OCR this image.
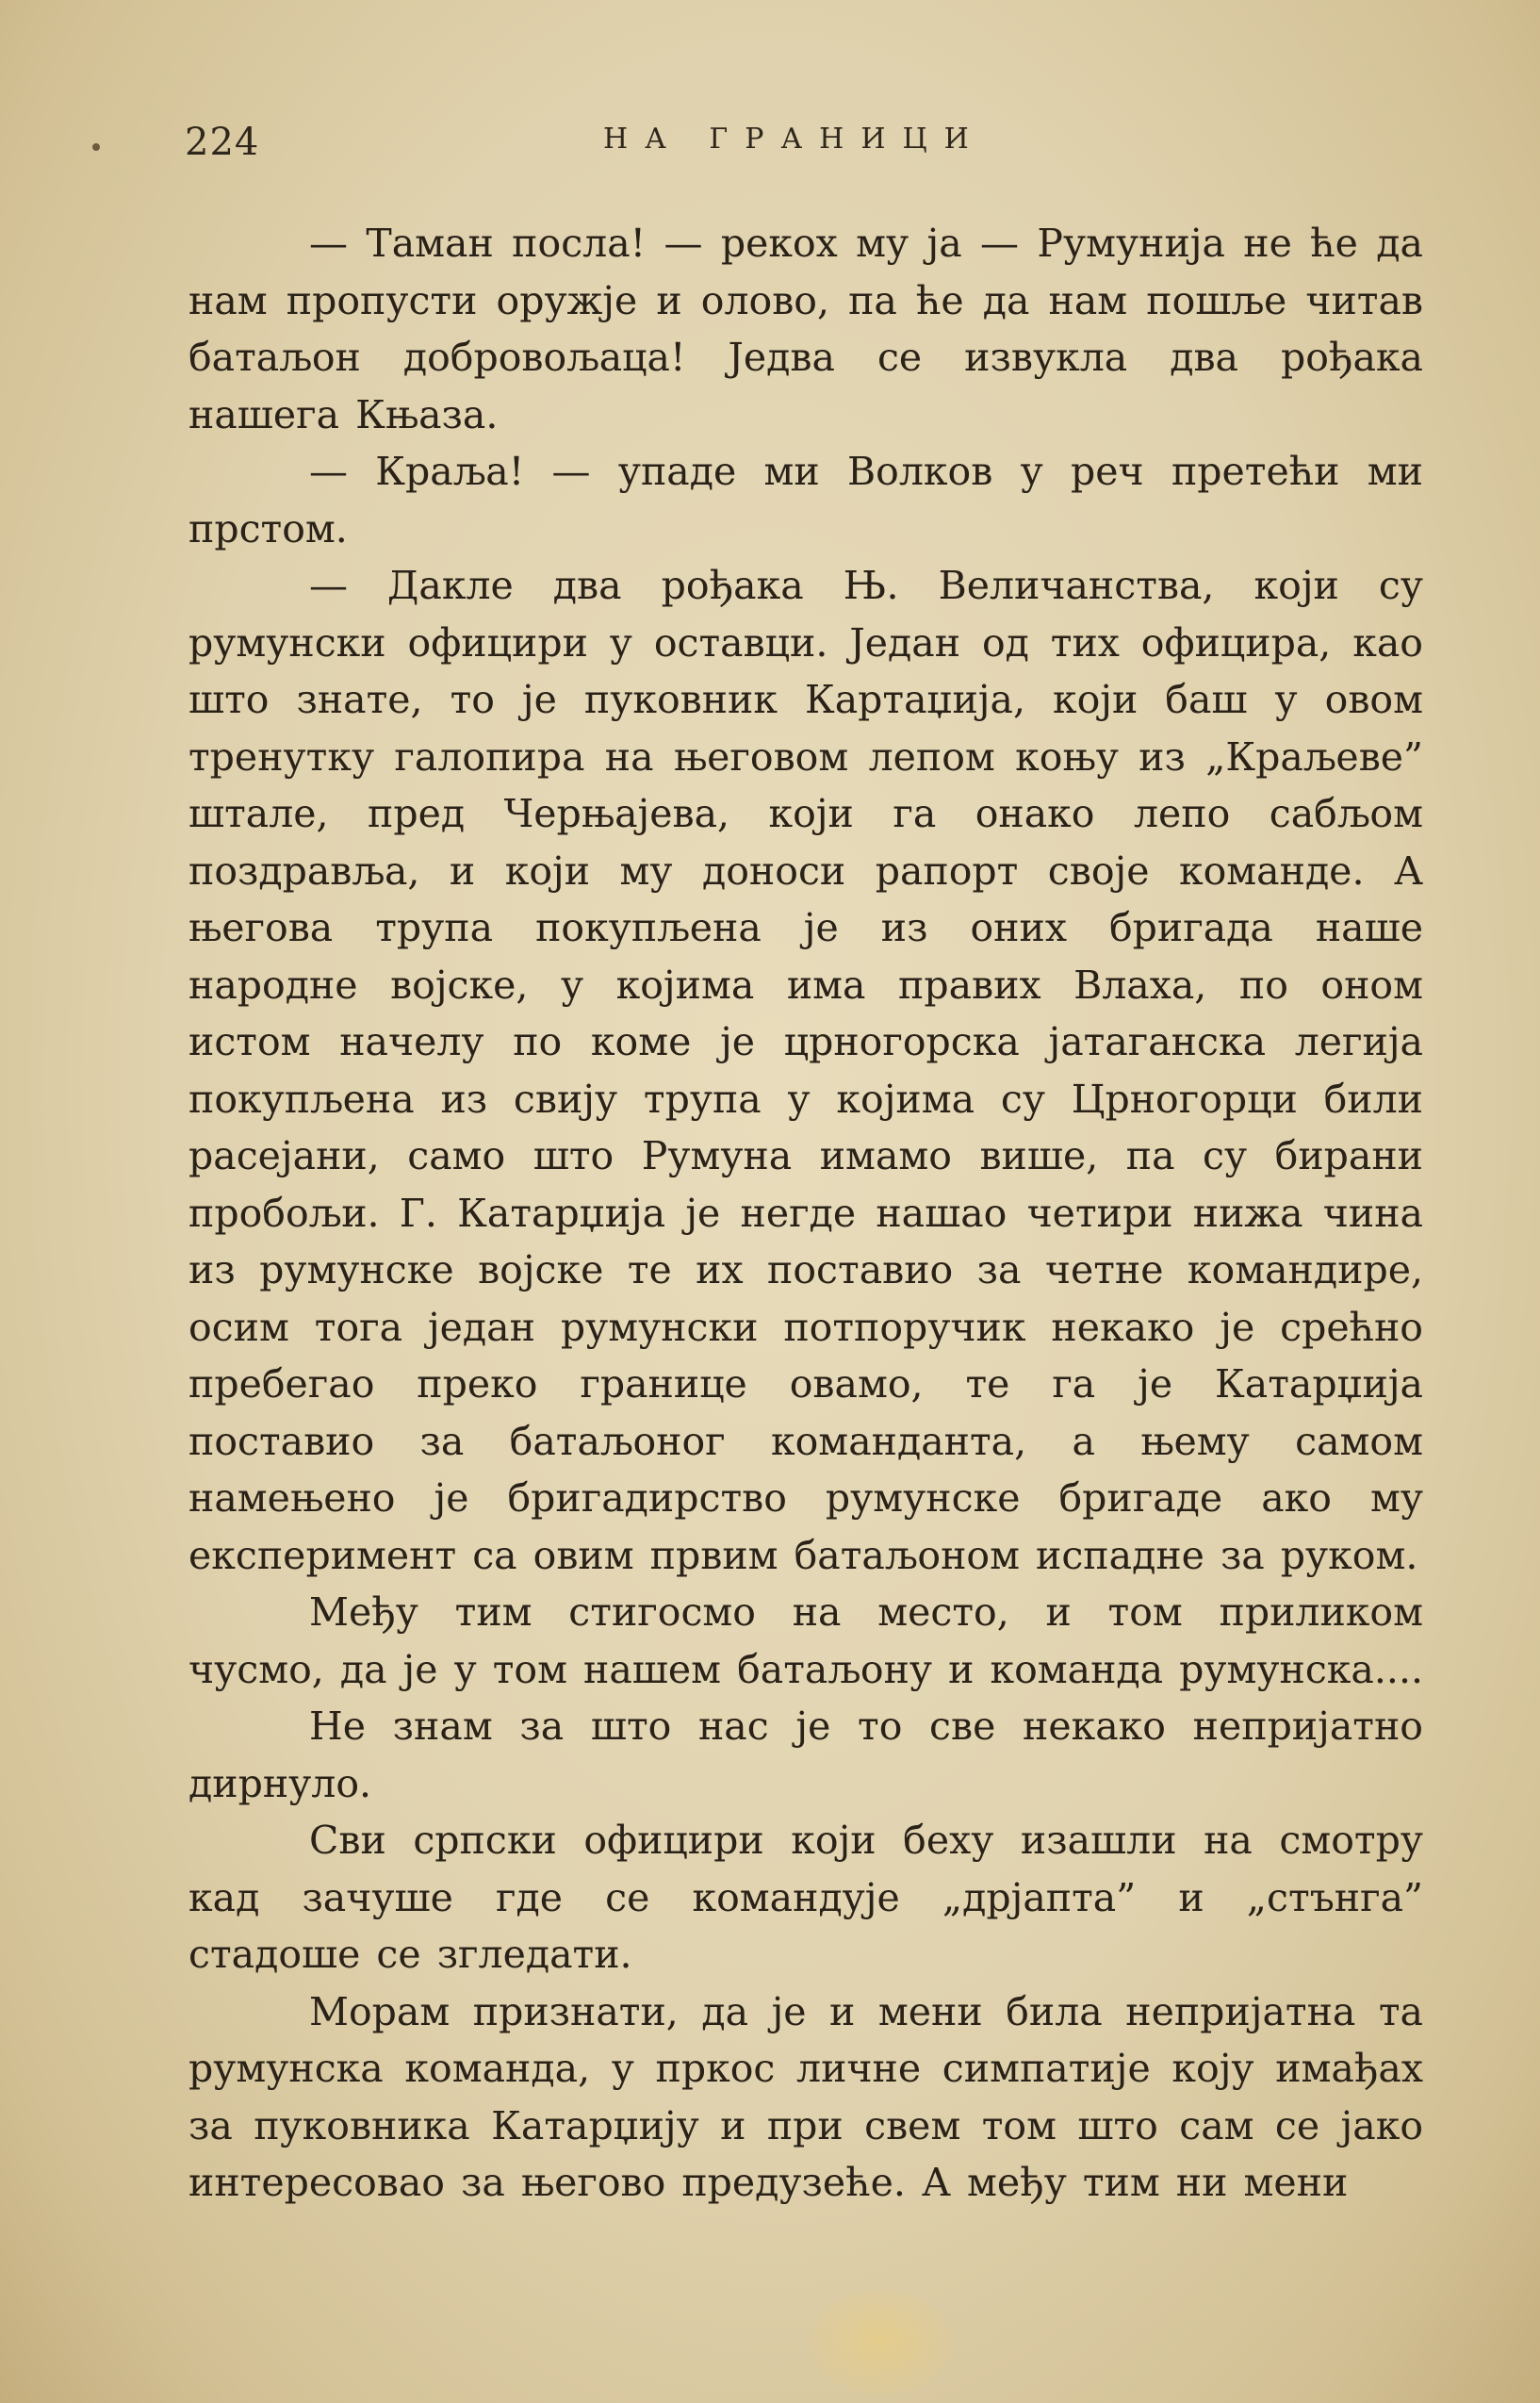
224	НА ГРАНИЦИ

— Таман посла! — рекох му ја — Румунија не ће да нам пропусти оружје и олово, па ће да нам пошље читав батаљон добровољаца! Једва се извукла два рођака нашега Књаза.

— Краља! — упаде ми Волков у реч претећи ми прстом.

— Дакле два рођака Њ. Величанства, који су румунски официри у оставци. Један од тих официра, као што знате, то је пуковник Картаџија, који баш у овом тренутку галопира на његовом лепом коњу из „Краљеве” штале, пред Черњајева, који га онако лепо сабљом поздравља, и који му доноси рапорт своје команде. А његова трупа покупљена је из оних бригада наше народне војске, у којима има правих Влаха, по оном истом начелу по коме је црногорска јатаганска легија покупљена из свију трупа у којима су Црногорци били расејани, само што Румуна имамо више, па су бирани пробољи. Г. Катарџија је негде нашао четири нижа чина из румунске војске те их поставио за четне командире, осим тога један румунски потпоручик некако је срећно пребегао преко границе овамо, те га је Катарџија поставио за батаљоног команданта, а њему самом намењено је бригадирство румунске бригаде ако му експеримент са овим првим батаљоном испадне за руком.

Међу тим стигосмо на место, и том приликом чусмо, да је у том нашем батаљону и команда румунска....

Не знам за што нас је то све некако непријатно дирнуло.

Сви српски официри који беху изашли на смотру кад зачуше где се командује „дрјапта” и „стънга” стадоше се згледати.

Морам признати, да је и мени била непријатна та румунска команда, у пркос личне симпатије коју имађах за пуковника Катарџију и при свем том што сам се јако интересовао за његово предузеће. А међу тим ни мени
